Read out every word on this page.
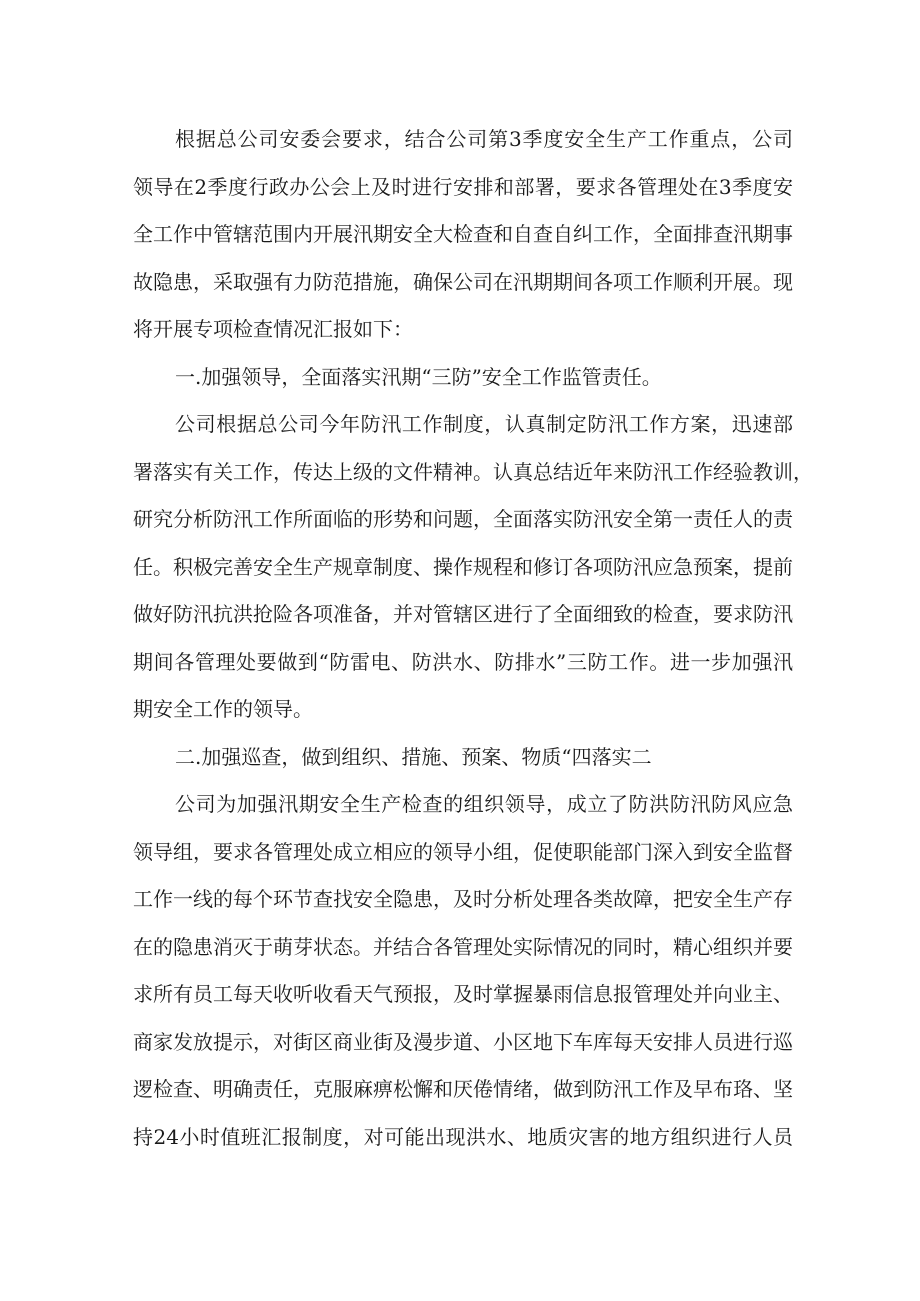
根据总公司安委会要求，结合公司第3季度安全生产工作重点，公司
领导在2季度行政办公会上及时进行安排和部署，要求各管理处在3季度安
全工作中管辖范围内开展汛期安全大检查和自查自纠工作，全面排查汛期事
故隐患，采取强有力防范措施，确保公司在汛期期间各项工作顺利开展。现
将开展专项检查情况汇报如下：
一.加强领导，全面落实汛期“三防”安全工作监管责任。
公司根据总公司今年防汛工作制度，认真制定防汛工作方案，迅速部
署落实有关工作，传达上级的文件精神。认真总结近年来防汛工作经验教训，
研究分析防汛工作所面临的形势和问题，全面落实防汛安全第一责任人的责
任。积极完善安全生产规章制度、操作规程和修订各项防汛应急预案，提前
做好防汛抗洪抢险各项准备，并对管辖区进行了全面细致的检查，要求防汛
期间各管理处要做到“防雷电、防洪水、防排水”三防工作。进一步加强汛
期安全工作的领导。
二.加强巡查，做到组织、措施、预案、物质“四落实二
公司为加强汛期安全生产检查的组织领导，成立了防洪防汛防风应急
领导组，要求各管理处成立相应的领导小组，促使职能部门深入到安全监督
工作一线的每个环节查找安全隐患，及时分析处理各类故障，把安全生产存
在的隐患消灭于萌芽状态。并结合各管理处实际情况的同时，精心组织并要
求所有员工每天收听收看天气预报，及时掌握暴雨信息报管理处并向业主、
商家发放提示，对街区商业街及漫步道、小区地下车库每天安排人员进行巡
逻检查、明确责任，克服麻痹松懈和厌倦情绪，做到防汛工作及早布珞、坚
持24小时值班汇报制度，对可能出现洪水、地质灾害的地方组织进行人员
